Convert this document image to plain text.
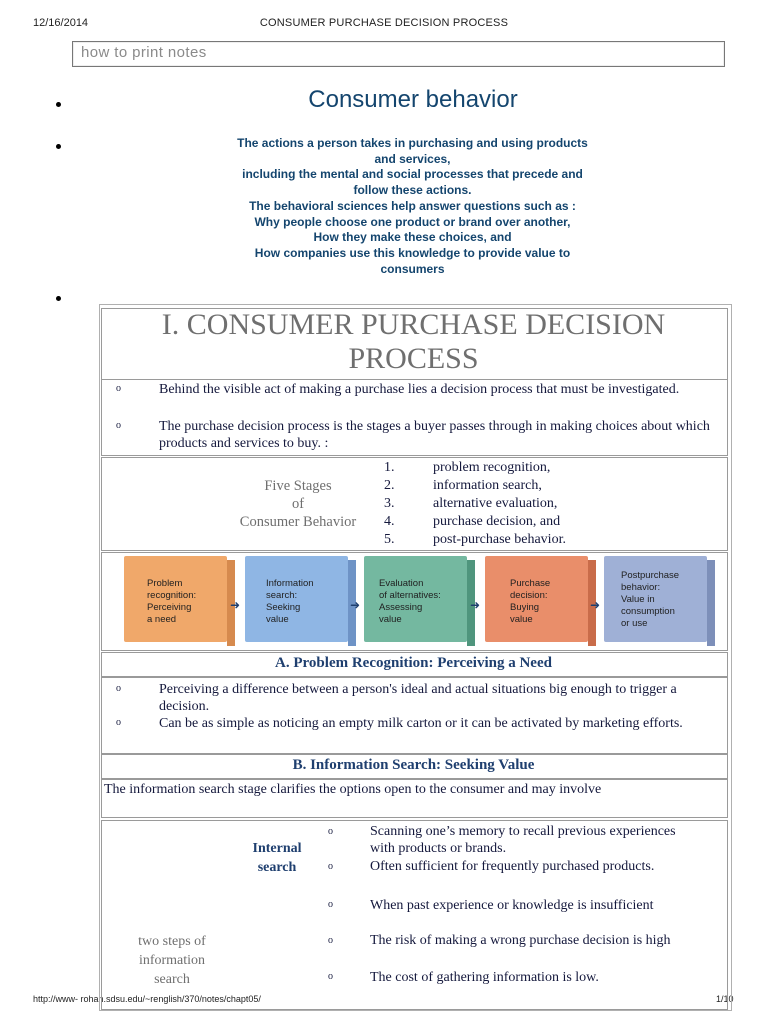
12/16/2014	CONSUMER PURCHASE DECISION PROCESS
http://www- rohan.sdsu.edu/~renglish/370/notes/chapt05/	1/10
how to print notes
Consumer behavior
The actions a person takes in purchasing and using products
and services,
including the mental and social processes that precede and
follow these actions.
The behavioral sciences help answer questions such as :
Why people choose one product or brand over another,
How they make these choices, and
How companies use this knowledge to provide value to
consumers
I. CONSUMER PURCHASE DECISION
PROCESS
o	Behind the visible act of making a purchase lies a decision process that must be investigated.
o	The purchase decision process is the stages a buyer passes through in making choices about which products and services to buy. :
Five Stages
of
Consumer Behavior
1.	problem recognition,
2.	information search,
3.	alternative evaluation,
4.	purchase decision, and
5.	post-purchase behavior.
Problem
recognition:
Perceiving
a need
Information
search:
Seeking
value
Evaluation
of alternatives:
Assessing
value
Purchase
decision:
Buying
value
Postpurchase
behavior:
Value in
consumption
or use
➜	➜	➜	➜
A. Problem Recognition: Perceiving a Need
o	Perceiving a difference between a person's ideal and actual situations big enough to trigger a decision.
o	Can be as simple as noticing an empty milk carton or it can be activated by marketing efforts.
B. Information Search: Seeking Value
The information search stage clarifies the options open to the consumer and may involve
Internal
search
two steps of
information
search
o	Scanning one’s memory to recall previous experiences with products or brands.
o	Often sufficient for frequently purchased products.
o	When past experience or knowledge is insufficient
o	The risk of making a wrong purchase decision is high
o	The cost of gathering information is low.
